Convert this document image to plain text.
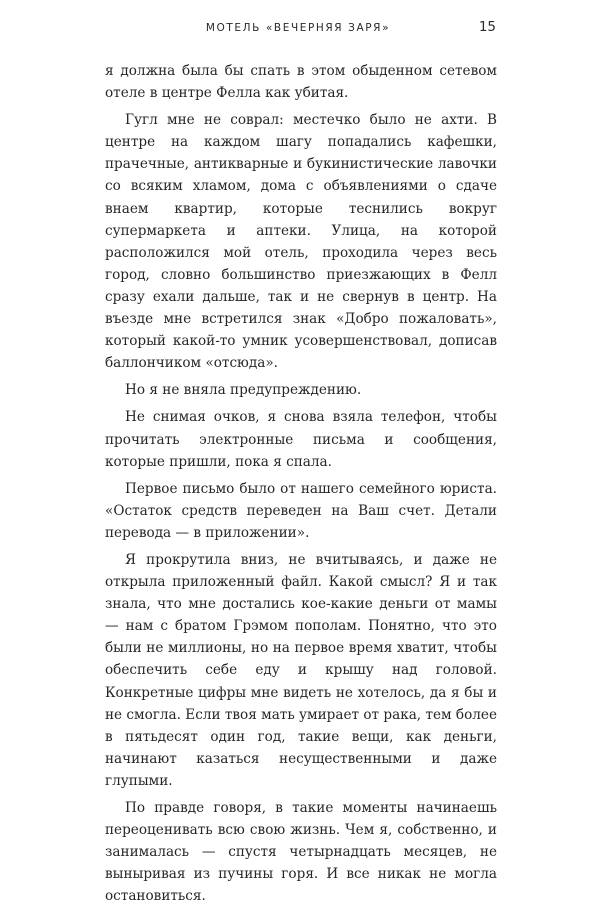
МОТЕЛЬ «ВЕЧЕРНЯЯ ЗАРЯ»	15

я должна была бы спать в этом обыденном сетевом отеле в центре Фелла как убитая.

Гугл мне не соврал: местечко было не ахти. В центре на каждом шагу попадались кафешки, прачечные, антикварные и букинистические лавочки со всяким хламом, дома с объявлениями о сдаче внаем квартир, которые теснились вокруг супермаркета и аптеки. Улица, на которой расположился мой отель, проходила через весь город, словно большинство приезжающих в Фелл сразу ехали дальше, так и не свернув в центр. На въезде мне встретился знак «Добро пожаловать», который какой-то умник усовершенствовал, дописав баллончиком «отсюда».

Но я не вняла предупреждению.

Не снимая очков, я снова взяла телефон, чтобы прочитать электронные письма и сообщения, которые пришли, пока я спала.

Первое письмо было от нашего семейного юриста. «Остаток средств переведен на Ваш счет. Детали перевода — в приложении».

Я прокрутила вниз, не вчитываясь, и даже не открыла приложенный файл. Какой смысл? Я и так знала, что мне достались кое-какие деньги от мамы — нам с братом Грэмом пополам. Понятно, что это были не миллионы, но на первое время хватит, чтобы обеспечить себе еду и крышу над головой. Конкретные цифры мне видеть не хотелось, да я бы и не смогла. Если твоя мать умирает от рака, тем более в пятьдесят один год, такие вещи, как деньги, начинают казаться несущественными и даже глупыми.

По правде говоря, в такие моменты начинаешь переоценивать всю свою жизнь. Чем я, собственно, и занималась — спустя четырнадцать месяцев, не выныривая из пучины горя. И все никак не могла остановиться.
